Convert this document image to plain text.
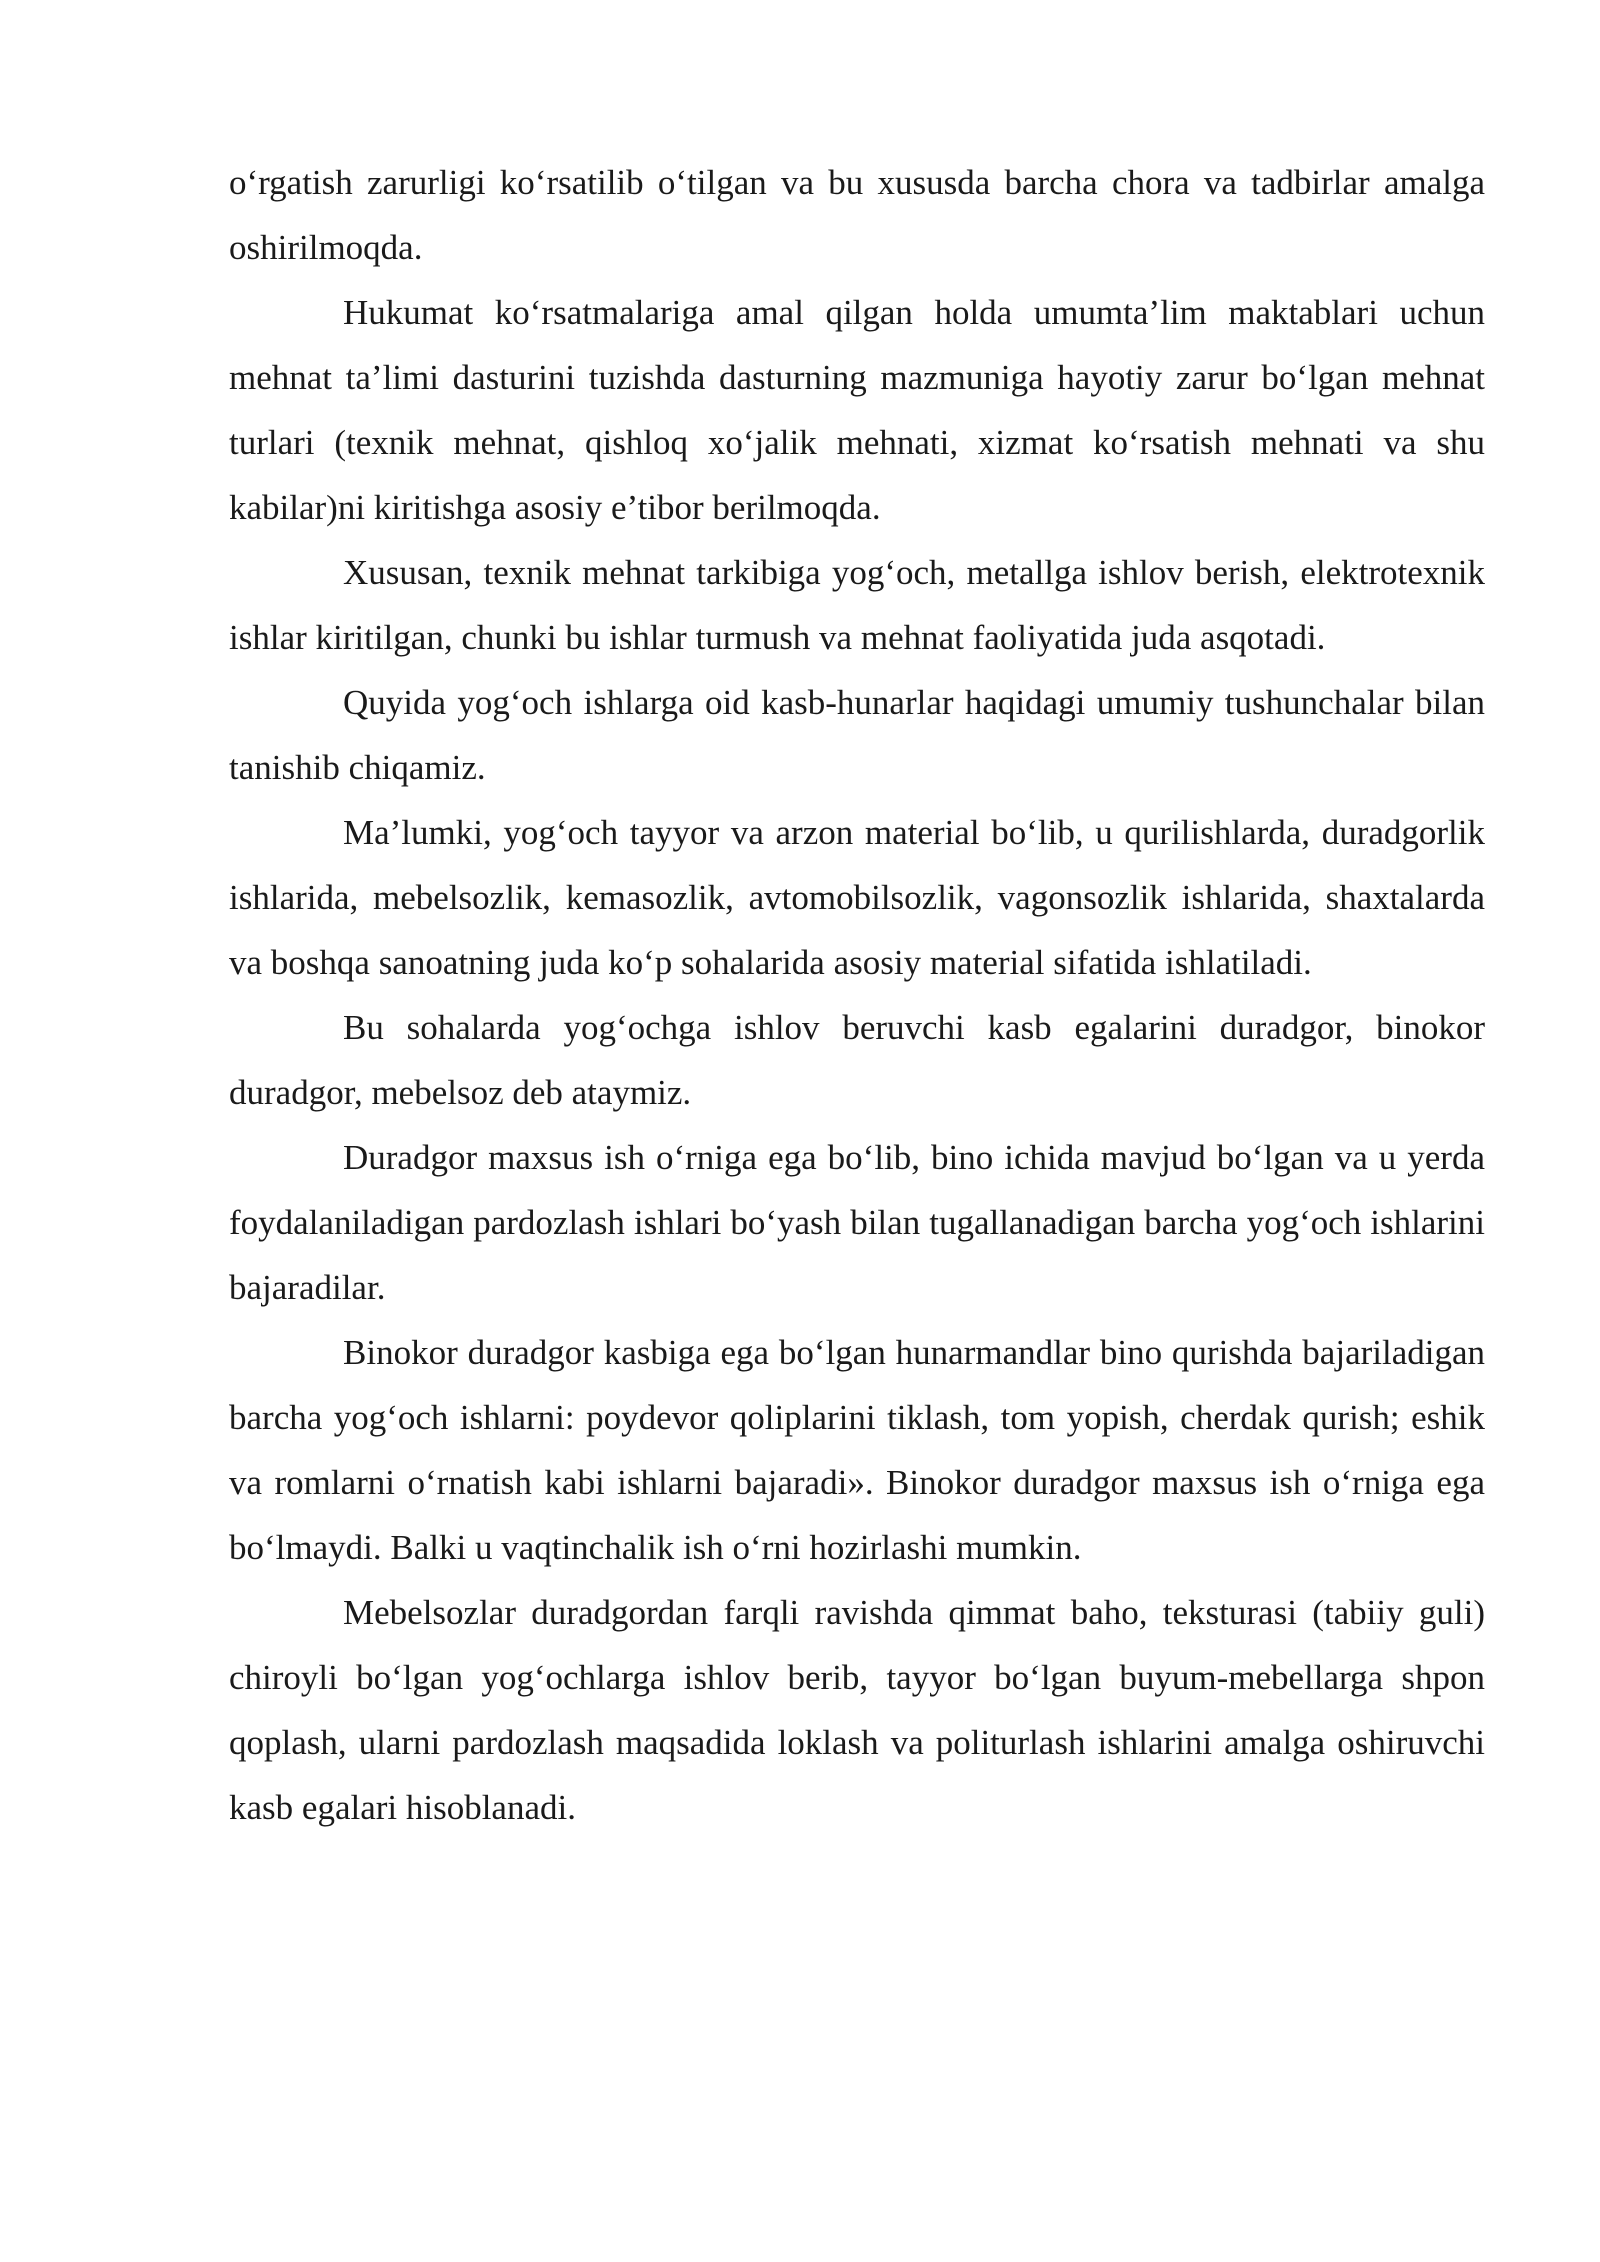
o‘rgatish zarurligi ko‘rsatilib o‘tilgan va bu xususda barcha chora va tadbirlar amalga oshirilmoqda.

Hukumat ko‘rsatmalariga amal qilgan holda umumta’lim maktablari uchun mehnat ta’limi dasturini tuzishda dasturning mazmuniga hayotiy zarur bo‘lgan mehnat turlari (texnik mehnat, qishloq xo‘jalik mehnati, xizmat ko‘rsatish mehnati va shu kabilar)ni kiritishga asosiy e’tibor berilmoqda.

Xususan, texnik mehnat tarkibiga yog‘och, metallga ishlov berish, elektrotexnik ishlar kiritilgan, chunki bu ishlar turmush va mehnat faoliyatida juda asqotadi.

Quyida yog‘och ishlarga oid kasb-hunarlar haqidagi umumiy tushunchalar bilan tanishib chiqamiz.

Ma’lumki, yog‘och tayyor va arzon material bo‘lib, u qurilishlarda, duradgorlik ishlarida, mebelsozlik, kemasozlik, avtomobilsozlik, vagonsozlik ishlarida, shaxtalarda va boshqa sanoatning juda ko‘p sohalarida asosiy material sifatida ishlatiladi.

Bu sohalarda yog‘ochga ishlov beruvchi kasb egalarini duradgor, binokor duradgor, mebelsoz deb ataymiz.

Duradgor maxsus ish o‘rniga ega bo‘lib, bino ichida mavjud bo‘lgan va u yerda foydalaniladigan pardozlash ishlari bo‘yash bilan tugallanadigan barcha yog‘och ishlarini bajaradilar.

Binokor duradgor kasbiga ega bo‘lgan hunarmandlar bino qurishda bajariladigan barcha yog‘och ishlarni: poydevor qoliplarini tiklash, tom yopish, cherdak qurish; eshik va romlarni o‘rnatish kabi ishlarni bajaradi». Binokor duradgor maxsus ish o‘rniga ega bo‘lmaydi. Balki u vaqtinchalik ish o‘rni hozirlashi mumkin.

Mebelsozlar duradgordan farqli ravishda qimmat baho, teksturasi (tabiiy guli) chiroyli bo‘lgan yog‘ochlarga ishlov berib, tayyor bo‘lgan buyum-mebellarga shpon qoplash, ularni pardozlash maqsadida loklash va politurlash ishlarini amalga oshiruvchi kasb egalari hisoblanadi.
